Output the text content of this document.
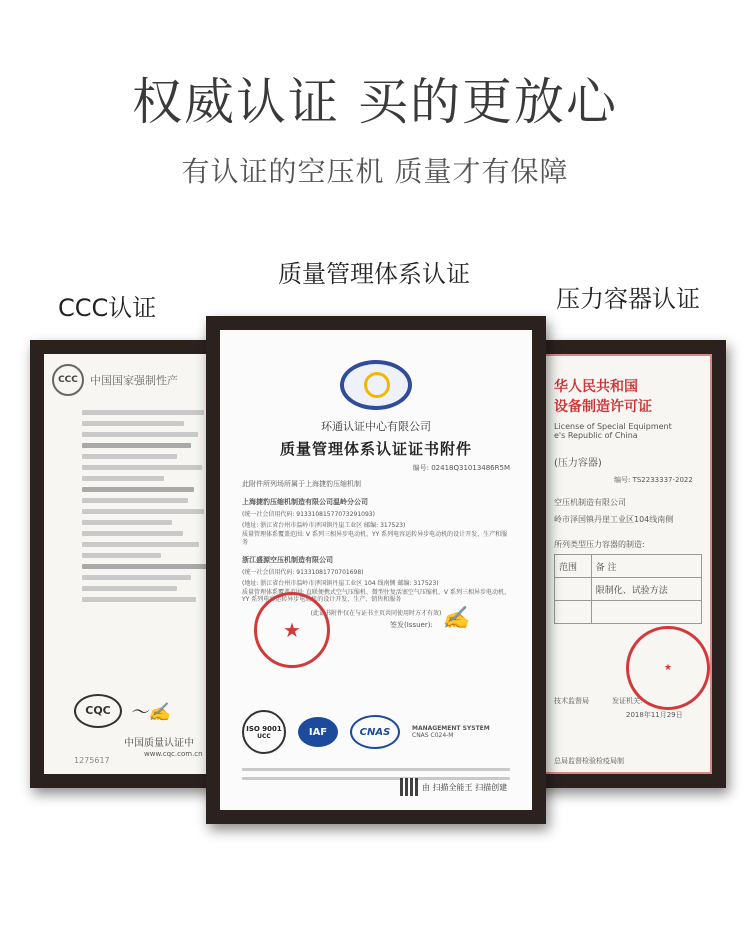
权威认证 买的更放心
有认证的空压机 质量才有保障
CCC认证
质量管理体系认证
压力容器认证
CCC	中国国家强制性产
CQC	〜✍
中国质量认证中
www.cqc.com.cn
1275617
华人民共和国
设备制造许可证
License of Special Equipment
e's Republic of China
(压力容器)
编号: TS2233337-2022
空压机制造有限公司
岭市泽国镇丹崖工业区104线南侧
所列类型压力容器的制造:
范围	备 注
	限制化、试验方法

★
技术监督局	发证机关:
2018年11月29日
总局监督检验检疫局制
环通认证中心有限公司
质量管理体系认证证书附件
编号: 02418Q31013486R5M
此附件所列场所属于上海捷豹压缩机制
上海捷豹压缩机制造有限公司温岭分公司
(统一社会信用代码: 91331081577073291093)
(地址: 浙江省台州市温岭市泽国镇丹崖工业区 邮编: 317523)
质量管理体系覆盖范围: V 系列三相异步电动机、YY 系列电容运转异步电动机的设计开发、生产和服务
浙江盛源空压机制造有限公司
(统一社会信用代码: 91331081770701698)
(地址: 浙江省台州市温岭市泽国镇丹崖工业区 104 线南侧 邮编: 317523)
质量管理体系覆盖范围: 直联便携式空气压缩机、微型往复活塞空气压缩机、V 系列三相异步电动机、YY 系列电容运转异步电动机的设计开发、生产、销售和服务
(此证书附件仅在与证书主页共同使用时方才有效)
★	签发(Issuer): ✍
ISO 9001
UCC	IAF	CNAS	MANAGEMENT SYSTEM
CNAS C024-M
由 扫描全能王 扫描创建
